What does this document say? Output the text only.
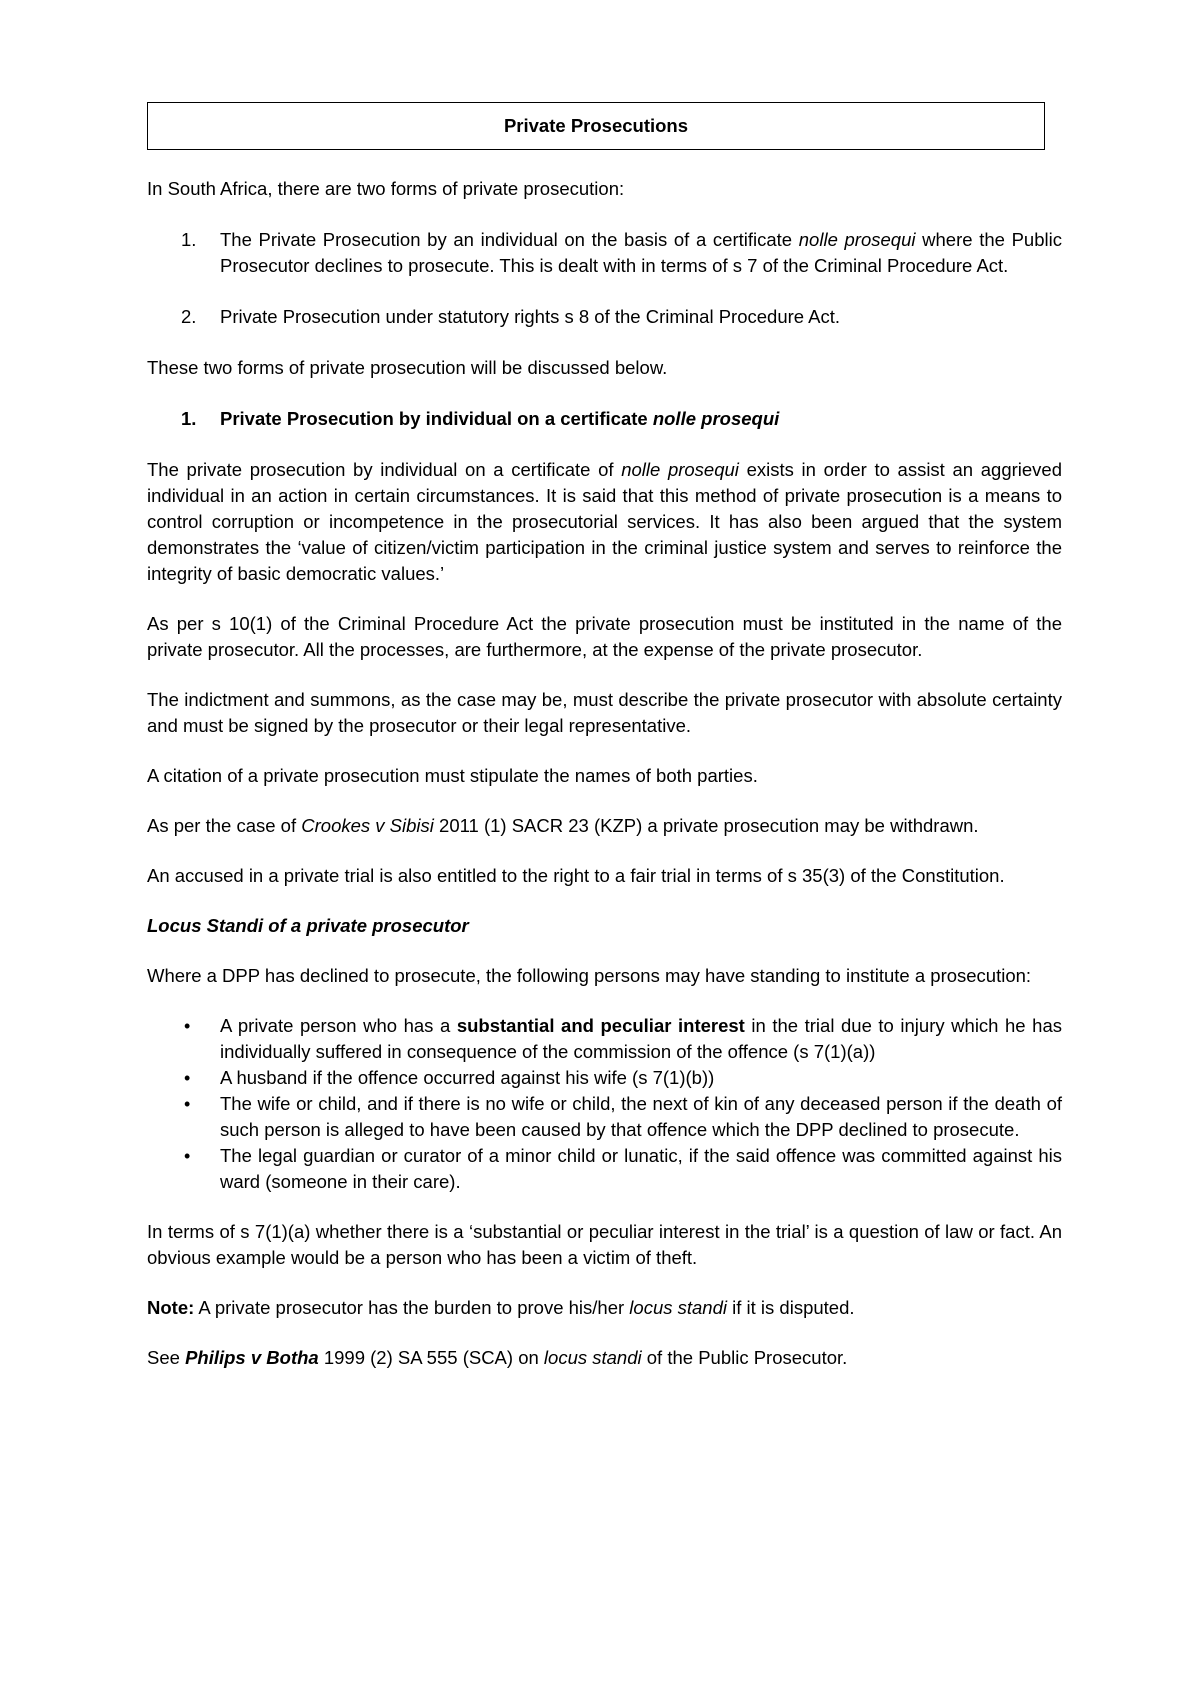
Private Prosecutions

In South Africa, there are two forms of private prosecution:

1.	The Private Prosecution by an individual on the basis of a certificate nolle prosequi where the Public Prosecutor declines to prosecute. This is dealt with in terms of s 7 of the Criminal Procedure Act.
2.	Private Prosecution under statutory rights s 8 of the Criminal Procedure Act.

These two forms of private prosecution will be discussed below.

1.	Private Prosecution by individual on a certificate nolle prosequi

The private prosecution by individual on a certificate of nolle prosequi exists in order to assist an aggrieved individual in an action in certain circumstances. It is said that this method of private prosecution is a means to control corruption or incompetence in the prosecutorial services. It has also been argued that the system demonstrates the ‘value of citizen/victim participation in the criminal justice system and serves to reinforce the integrity of basic democratic values.’

As per s 10(1) of the Criminal Procedure Act the private prosecution must be instituted in the name of the private prosecutor. All the processes, are furthermore, at the expense of the private prosecutor.

The indictment and summons, as the case may be, must describe the private prosecutor with absolute certainty and must be signed by the prosecutor or their legal representative.

A citation of a private prosecution must stipulate the names of both parties.

As per the case of Crookes v Sibisi 2011 (1) SACR 23 (KZP) a private prosecution may be withdrawn.

An accused in a private trial is also entitled to the right to a fair trial in terms of s 35(3) of the Constitution.

Locus Standi of a private prosecutor

Where a DPP has declined to prosecute, the following persons may have standing to institute a prosecution:

•
A private person who has a substantial and peculiar interest in the trial due to injury which he has individually suffered in consequence of the commission of the offence (s 7(1)(a))
•
A husband if the offence occurred against his wife (s 7(1)(b))
•
The wife or child, and if there is no wife or child, the next of kin of any deceased person if the death of such person is alleged to have been caused by that offence which the DPP declined to prosecute.
•
The legal guardian or curator of a minor child or lunatic, if the said offence was committed against his ward (someone in their care).

In terms of s 7(1)(a) whether there is a ‘substantial or peculiar interest in the trial’ is a question of law or fact. An obvious example would be a person who has been a victim of theft.

Note: A private prosecutor has the burden to prove his/her locus standi if it is disputed.

See Philips v Botha 1999 (2) SA 555 (SCA) on locus standi of the Public Prosecutor.
